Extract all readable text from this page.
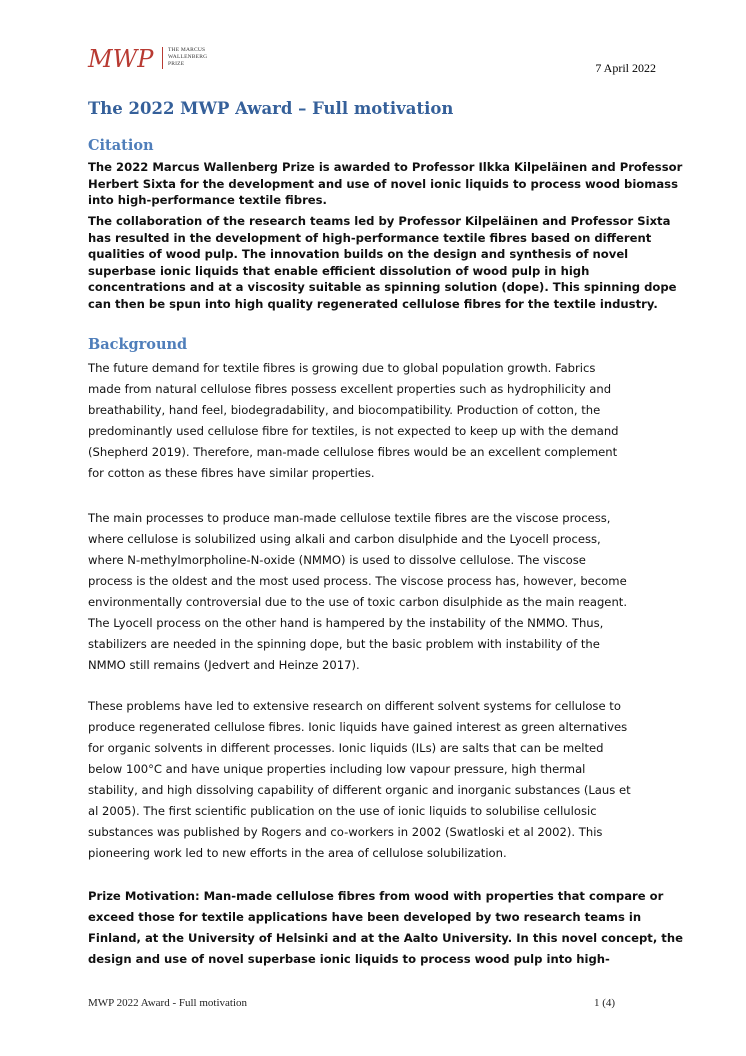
MWP	THE MARCUS
WALLENBERG
PRIZE	7 April 2022
The 2022 MWP Award – Full motivation
Citation
The 2022 Marcus Wallenberg Prize is awarded to Professor Ilkka Kilpeläinen and Professor
Herbert Sixta for the development and use of novel ionic liquids to process wood biomass
into high-performance textile fibres.
The collaboration of the research teams led by Professor Kilpeläinen and Professor Sixta
has resulted in the development of high-performance textile fibres based on different
qualities of wood pulp. The innovation builds on the design and synthesis of novel
superbase ionic liquids that enable efficient dissolution of wood pulp in high
concentrations and at a viscosity suitable as spinning solution (dope). This spinning dope
can then be spun into high quality regenerated cellulose fibres for the textile industry.
Background
The future demand for textile fibres is growing due to global population growth. Fabrics
made from natural cellulose fibres possess excellent properties such as hydrophilicity and
breathability, hand feel, biodegradability, and biocompatibility. Production of cotton, the
predominantly used cellulose fibre for textiles, is not expected to keep up with the demand
(Shepherd 2019). Therefore, man-made cellulose fibres would be an excellent complement
for cotton as these fibres have similar properties.
The main processes to produce man-made cellulose textile fibres are the viscose process,
where cellulose is solubilized using alkali and carbon disulphide and the Lyocell process,
where N-methylmorpholine-N-oxide (NMMO) is used to dissolve cellulose. The viscose
process is the oldest and the most used process. The viscose process has, however, become
environmentally controversial due to the use of toxic carbon disulphide as the main reagent.
The Lyocell process on the other hand is hampered by the instability of the NMMO. Thus,
stabilizers are needed in the spinning dope, but the basic problem with instability of the
NMMO still remains (Jedvert and Heinze 2017).
These problems have led to extensive research on different solvent systems for cellulose to
produce regenerated cellulose fibres. Ionic liquids have gained interest as green alternatives
for organic solvents in different processes. Ionic liquids (ILs) are salts that can be melted
below 100°C and have unique properties including low vapour pressure, high thermal
stability, and high dissolving capability of different organic and inorganic substances (Laus et
al 2005). The first scientific publication on the use of ionic liquids to solubilise cellulosic
substances was published by Rogers and co-workers in 2002 (Swatloski et al 2002). This
pioneering work led to new efforts in the area of cellulose solubilization.
Prize Motivation: Man-made cellulose fibres from wood with properties that compare or
exceed those for textile applications have been developed by two research teams in
Finland, at the University of Helsinki and at the Aalto University. In this novel concept, the
design and use of novel superbase ionic liquids to process wood pulp into high-
MWP 2022 Award - Full motivation	1 (4)
